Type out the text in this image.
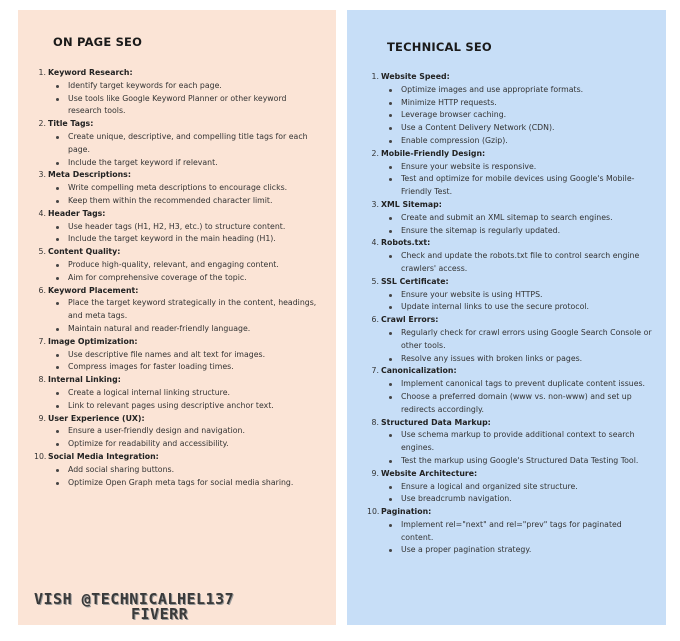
ON PAGE SEO
1. Keyword Research:
Identify target keywords for each page.
Use tools like Google Keyword Planner or other keyword research tools.
2. Title Tags:
Create unique, descriptive, and compelling title tags for each page.
Include the target keyword if relevant.
3. Meta Descriptions:
Write compelling meta descriptions to encourage clicks.
Keep them within the recommended character limit.
4. Header Tags:
Use header tags (H1, H2, H3, etc.) to structure content.
Include the target keyword in the main heading (H1).
5. Content Quality:
Produce high-quality, relevant, and engaging content.
Aim for comprehensive coverage of the topic.
6. Keyword Placement:
Place the target keyword strategically in the content, headings, and meta tags.
Maintain natural and reader-friendly language.
7. Image Optimization:
Use descriptive file names and alt text for images.
Compress images for faster loading times.
8. Internal Linking:
Create a logical internal linking structure.
Link to relevant pages using descriptive anchor text.
9. User Experience (UX):
Ensure a user-friendly design and navigation.
Optimize for readability and accessibility.
10. Social Media Integration:
Add social sharing buttons.
Optimize Open Graph meta tags for social media sharing.
TECHNICAL SEO
1. Website Speed:
Optimize images and use appropriate formats.
Minimize HTTP requests.
Leverage browser caching.
Use a Content Delivery Network (CDN).
Enable compression (Gzip).
2. Mobile-Friendly Design:
Ensure your website is responsive.
Test and optimize for mobile devices using Google's Mobile-Friendly Test.
3. XML Sitemap:
Create and submit an XML sitemap to search engines.
Ensure the sitemap is regularly updated.
4. Robots.txt:
Check and update the robots.txt file to control search engine crawlers' access.
5. SSL Certificate:
Ensure your website is using HTTPS.
Update internal links to use the secure protocol.
6. Crawl Errors:
Regularly check for crawl errors using Google Search Console or other tools.
Resolve any issues with broken links or pages.
7. Canonicalization:
Implement canonical tags to prevent duplicate content issues.
Choose a preferred domain (www vs. non-www) and set up redirects accordingly.
8. Structured Data Markup:
Use schema markup to provide additional context to search engines.
Test the markup using Google's Structured Data Testing Tool.
9. Website Architecture:
Ensure a logical and organized site structure.
Use breadcrumb navigation.
10. Pagination:
Implement rel="next" and rel="prev" tags for paginated content.
Use a proper pagination strategy.
VISH @TECHNICALHEL137
FIVERR
